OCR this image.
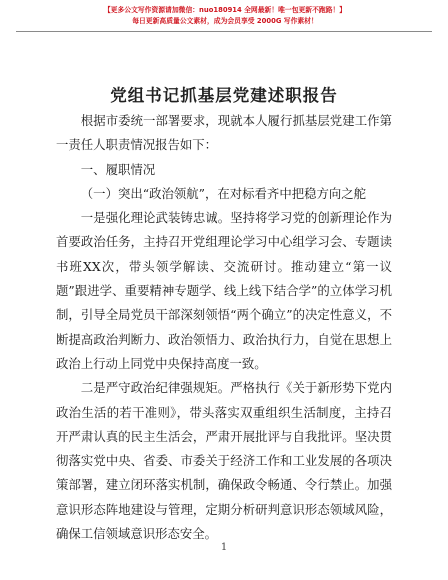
【更多公文写作资源请加微信：nuo180914 全网最新！唯一包更新不跑路！】
每日更新高质量公文素材，成为会员享受 2000G 写作素材！
党组书记抓基层党建述职报告

根据市委统一部署要求，现就本人履行抓基层党建工作第一责任人职责情况报告如下：

一、履职情况

（一）突出“政治领航”，在对标看齐中把稳方向之舵

一是强化理论武装铸忠诚。坚持将学习党的创新理论作为首要政治任务，主持召开党组理论学习中心组学习会、专题读书班XX次，带头领学解读、交流研讨。推动建立“第一议题”跟进学、重要精神专题学、线上线下结合学”的立体学习机制，引导全局党员干部深刻领悟“两个确立”的决定性意义，不断提高政治判断力、政治领悟力、政治执行力，自觉在思想上政治上行动上同党中央保持高度一致。

二是严守政治纪律强规矩。严格执行《关于新形势下党内政治生活的若干准则》，带头落实双重组织生活制度，主持召开严肃认真的民主生活会，严肃开展批评与自我批评。坚决贯彻落实党中央、省委、市委关于经济工作和工业发展的各项决策部署，建立闭环落实机制，确保政令畅通、令行禁止。加强意识形态阵地建设与管理，定期分析研判意识形态领域风险，确保工信领域意识形态安全。

1
